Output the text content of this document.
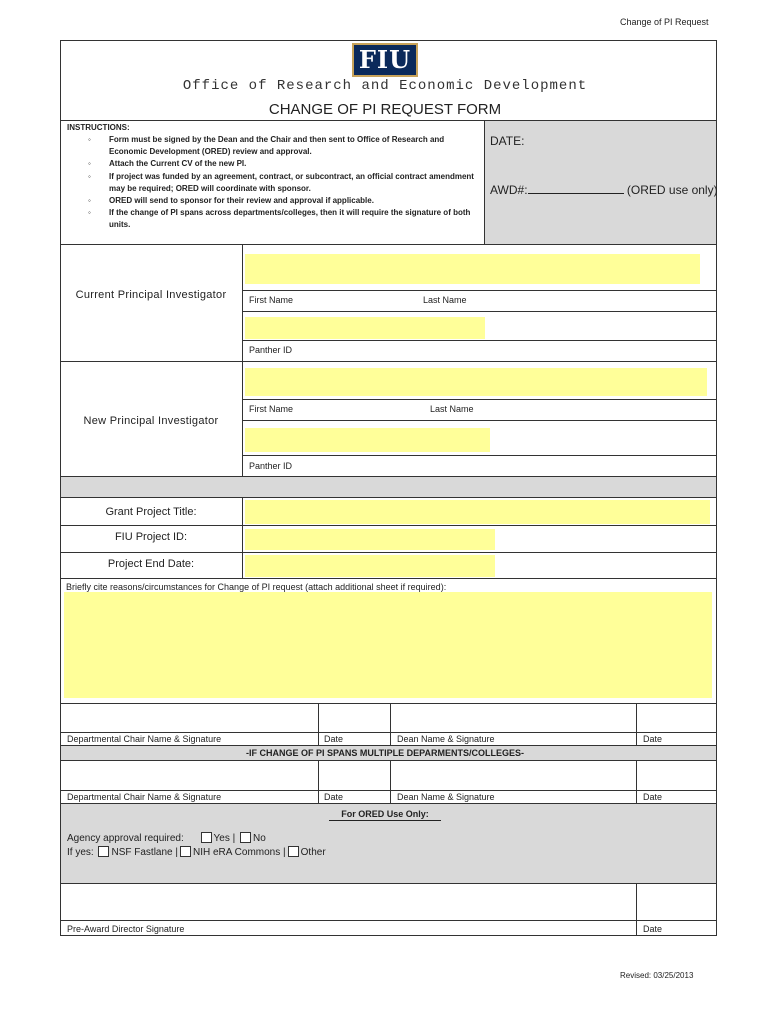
Change of PI Request
FIU
Office of Research and Economic Development
CHANGE OF PI REQUEST FORM
INSTRUCTIONS:
◦	Form must be signed by the Dean and the Chair and then sent to Office of Research and Economic Development (ORED) review and approval.
◦	Attach the Current CV of the new PI.
◦	If project was funded by an agreement, contract, or subcontract, an official contract amendment may be required; ORED will coordinate with sponsor.
◦	ORED will send to sponsor for their review and approval if applicable.
◦	If the change of PI spans across departments/colleges, then it will require the signature of both units.
DATE:
AWD#:	(ORED use only)
Current Principal Investigator	First Name	Last Name
Panther ID
New Principal Investigator
First Name	Last Name
Panther ID
Grant Project Title:
FIU Project ID:
Project End Date:
Briefly cite reasons/circumstances for Change of PI request (attach additional sheet if required):
Departmental Chair Name & Signature	Date	Dean Name & Signature	Date
-IF CHANGE OF PI SPANS MULTIPLE DEPARMENTS/COLLEGES-
Departmental Chair Name & Signature	Date	Dean Name & Signature	Date
For ORED Use Only:
Agency approval required:	Yes | No
If yes: NSF Fastlane | NIH eRA Commons | Other
Pre-Award Director Signature	Date
Revised: 03/25/2013
